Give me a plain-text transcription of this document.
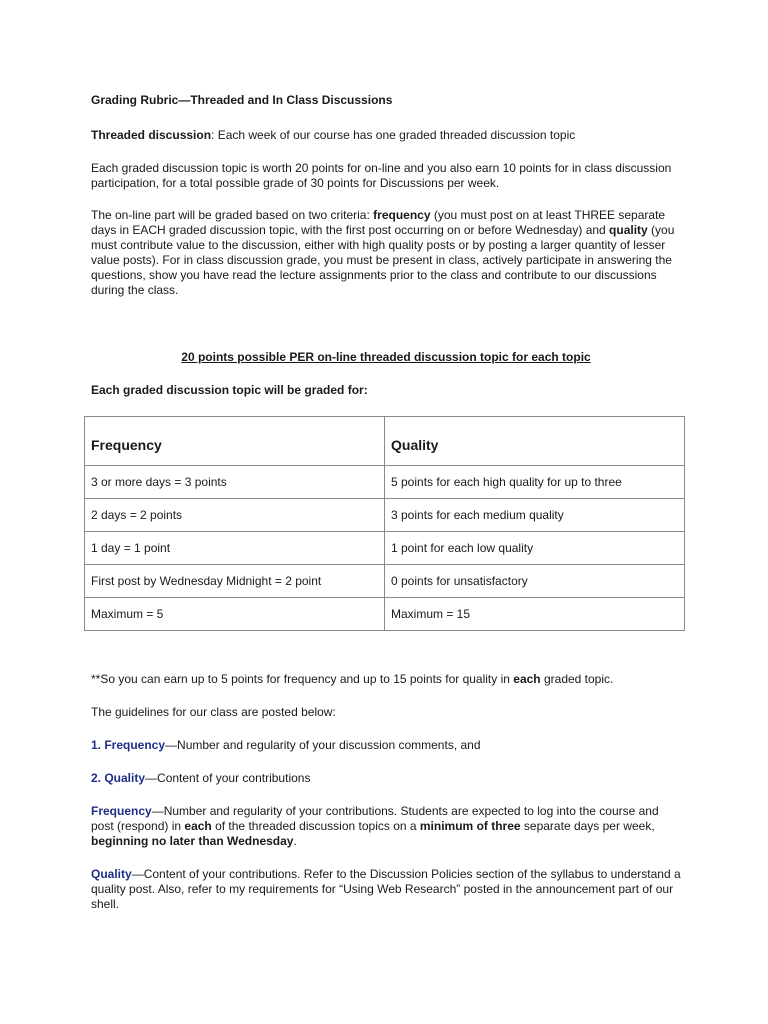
Grading Rubric—Threaded and In Class Discussions

Threaded discussion: Each week of our course has one graded threaded discussion topic

Each graded discussion topic is worth 20 points for on-line and you also earn 10 points for in class discussion participation, for a total possible grade of 30 points for Discussions per week.

The on-line part will be graded based on two criteria: frequency (you must post on at least THREE separate days in EACH graded discussion topic, with the first post occurring on or before Wednesday) and quality (you must contribute value to the discussion, either with high quality posts or by posting a larger quantity of lesser value posts). For in class discussion grade, you must be present in class, actively participate in answering the questions, show you have read the lecture assignments prior to the class and contribute to our discussions during the class.

20 points possible PER on-line threaded discussion topic for each topic

Each graded discussion topic will be graded for:

Frequency	Quality
3 or more days = 3 points	5 points for each high quality for up to three
2 days = 2 points	3 points for each medium quality
1 day = 1 point	1 point for each low quality
First post by Wednesday Midnight = 2 point	0 points for unsatisfactory
Maximum = 5	Maximum = 15

**So you can earn up to 5 points for frequency and up to 15 points for quality in each graded topic.

The guidelines for our class are posted below:

1. Frequency—Number and regularity of your discussion comments, and

2. Quality—Content of your contributions

Frequency—Number and regularity of your contributions. Students are expected to log into the course and post (respond) in each of the threaded discussion topics on a minimum of three separate days per week, beginning no later than Wednesday.

Quality—Content of your contributions. Refer to the Discussion Policies section of the syllabus to understand a quality post. Also, refer to my requirements for “Using Web Research” posted in the announcement part of our shell.
